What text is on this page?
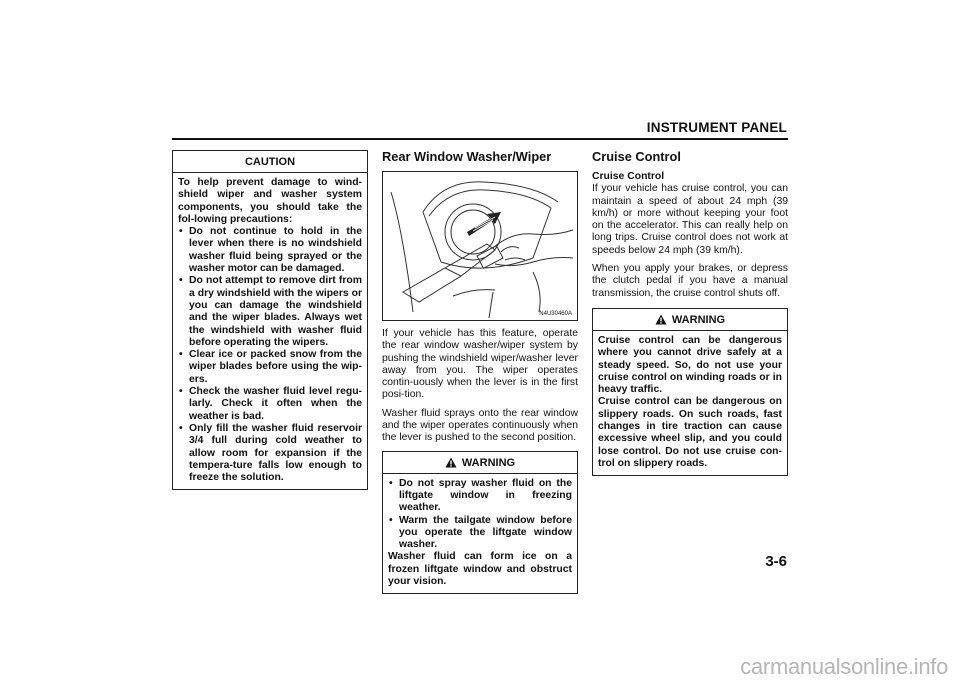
INSTRUMENT PANEL
CAUTION
To help prevent damage to wind-shield wiper and washer system components, you should take the fol-lowing precautions:
• Do not continue to hold in the lever when there is no windshield washer fluid being sprayed or the washer motor can be damaged.
• Do not attempt to remove dirt from a dry windshield with the wipers or you can damage the windshield and the wiper blades. Always wet the windshield with washer fluid before operating the wipers.
• Clear ice or packed snow from the wiper blades before using the wip-ers.
• Check the washer fluid level regu-larly. Check it often when the weather is bad.
• Only fill the washer fluid reservoir 3/4 full during cold weather to allow room for expansion if the tempera-ture falls low enough to freeze the solution.
Rear Window Washer/Wiper
N4U30460A

If your vehicle has this feature, operate the rear window washer/wiper system by pushing the windshield wiper/washer lever away from you. The wiper operates contin-uously when the lever is in the first posi-tion.

Washer fluid sprays onto the rear window and the wiper operates continuously when the lever is pushed to the second position.

WARNING
• Do not spray washer fluid on the liftgate window in freezing weather.
• Warm the tailgate window before you operate the liftgate window washer.
Washer fluid can form ice on a frozen liftgate window and obstruct your vision.
Cruise Control
Cruise Control

If your vehicle has cruise control, you can maintain a speed of about 24 mph (39 km/h) or more without keeping your foot on the accelerator. This can really help on long trips. Cruise control does not work at speeds below 24 mph (39 km/h).

When you apply your brakes, or depress the clutch pedal if you have a manual transmission, the cruise control shuts off.

WARNING
Cruise control can be dangerous where you cannot drive safely at a steady speed. So, do not use your cruise control on winding roads or in heavy traffic.
Cruise control can be dangerous on slippery roads. On such roads, fast changes in tire traction can cause excessive wheel slip, and you could lose control. Do not use cruise con-trol on slippery roads.
3-6
carmanualsonline.info
